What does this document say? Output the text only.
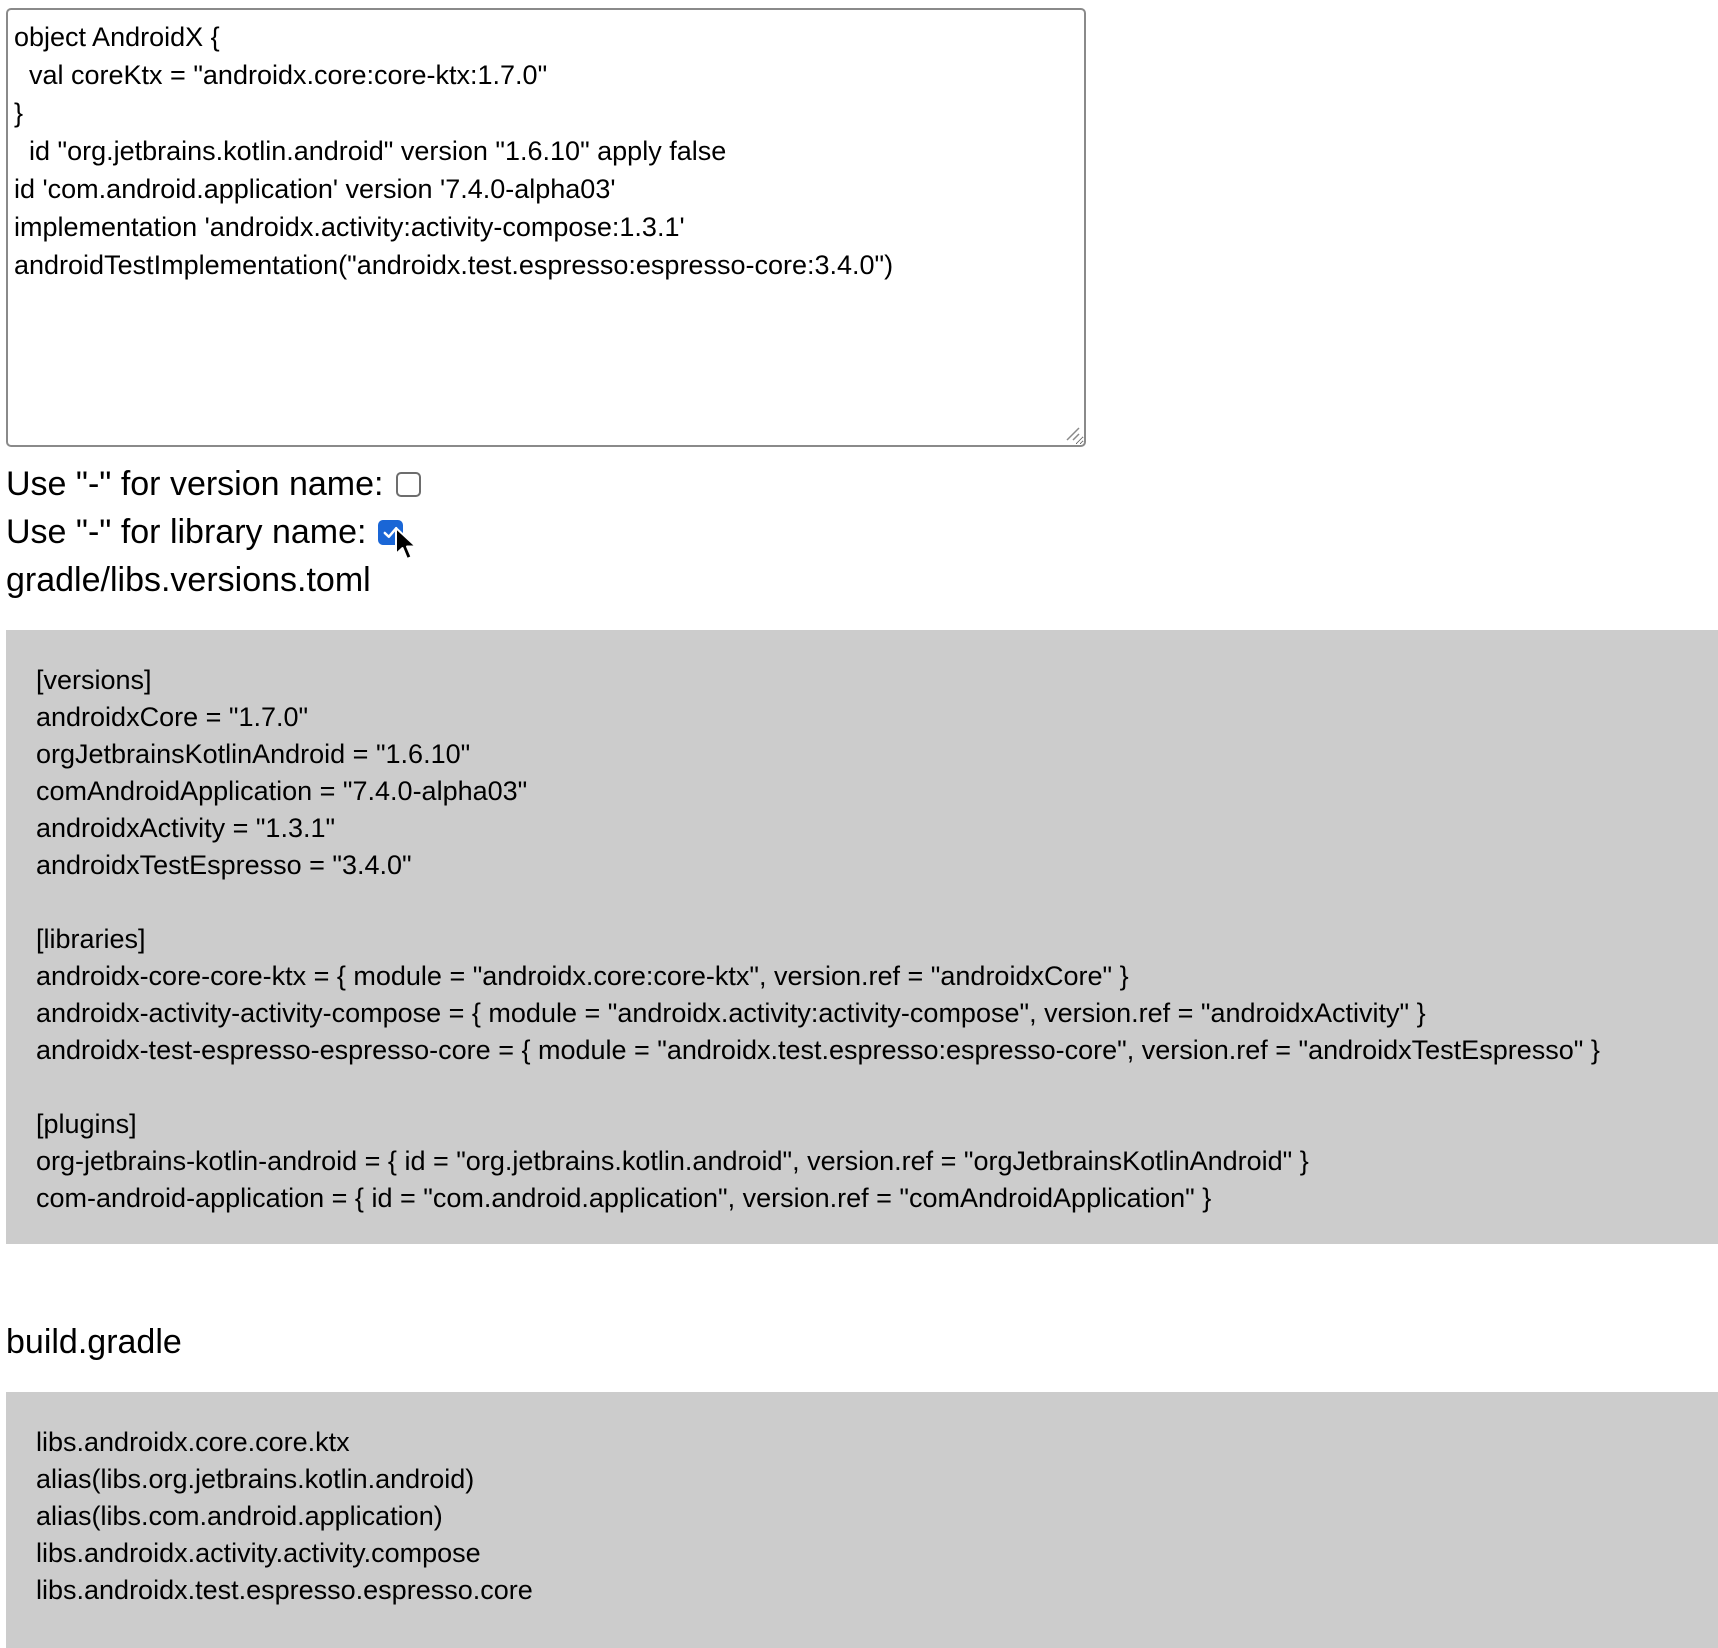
object AndroidX { val coreKtx = "androidx.core:core-ktx:1.7.0" } id "org.jetbrains.kotlin.android" version "1.6.10" apply false id 'com.android.application' version '7.4.0-alpha03' implementation 'androidx.activity:activity-compose:1.3.1' androidTestImplementation("androidx.test.espresso:espresso-core:3.4.0")
Use "-" for version name:
Use "-" for library name:
gradle/libs.versions.toml
[versions]
androidxCore = "1.7.0"
orgJetbrainsKotlinAndroid = "1.6.10"
comAndroidApplication = "7.4.0-alpha03"
androidxActivity = "1.3.1"
androidxTestEspresso = "3.4.0"
[libraries]
androidx-core-core-ktx = { module = "androidx.core:core-ktx", version.ref = "androidxCore" }
androidx-activity-activity-compose = { module = "androidx.activity:activity-compose", version.ref = "androidxActivity" }
androidx-test-espresso-espresso-core = { module = "androidx.test.espresso:espresso-core", version.ref = "androidxTestEspresso" }
[plugins]
org-jetbrains-kotlin-android = { id = "org.jetbrains.kotlin.android", version.ref = "orgJetbrainsKotlinAndroid" }
com-android-application = { id = "com.android.application", version.ref = "comAndroidApplication" }
build.gradle
libs.androidx.core.core.ktx
alias(libs.org.jetbrains.kotlin.android)
alias(libs.com.android.application)
libs.androidx.activity.activity.compose
libs.androidx.test.espresso.espresso.core
